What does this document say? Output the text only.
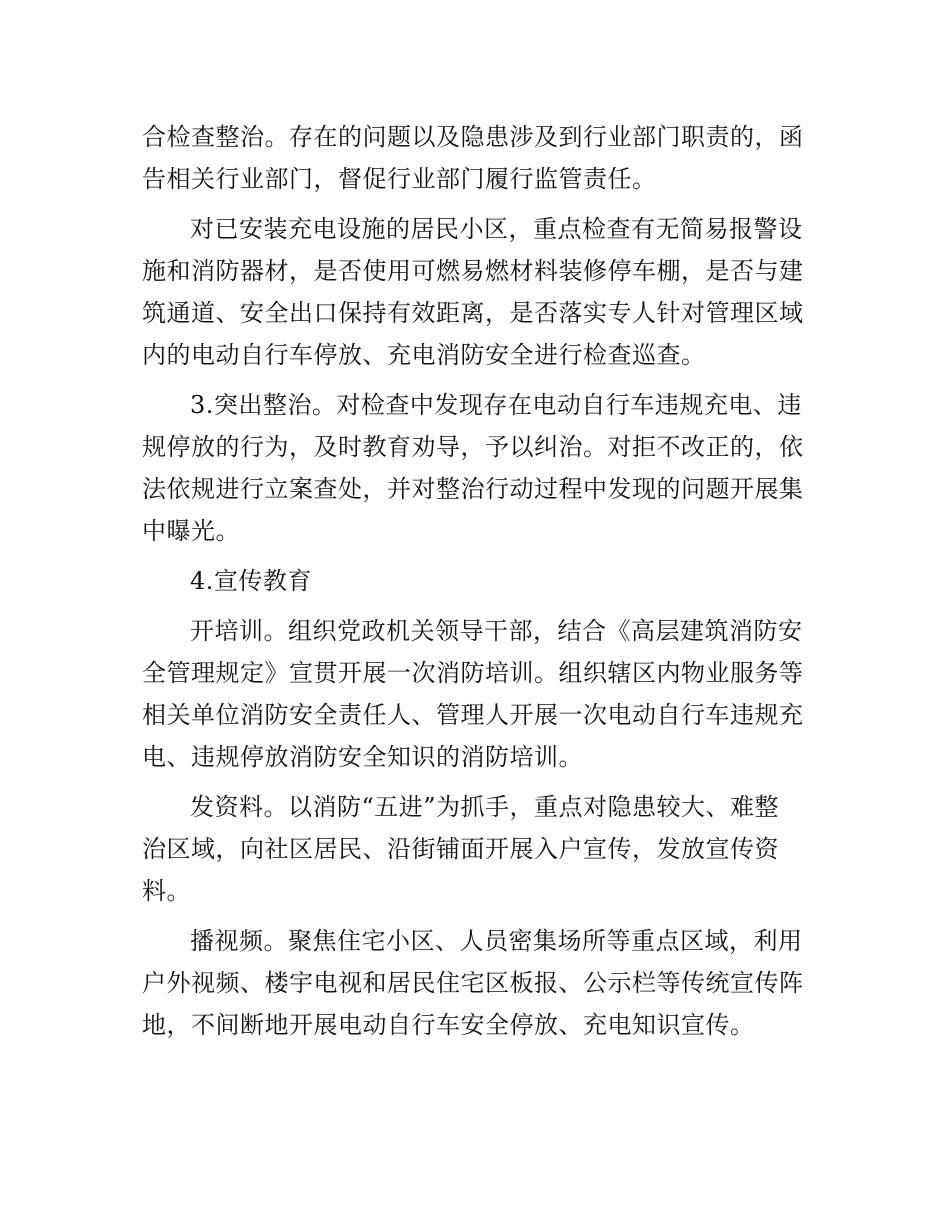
合检查整治。存在的问题以及隐患涉及到行业部门职责的，函
告相关行业部门，督促行业部门履行监管责任。
对已安装充电设施的居民小区，重点检查有无简易报警设
施和消防器材，是否使用可燃易燃材料装修停车棚，是否与建
筑通道、安全出口保持有效距离，是否落实专人针对管理区域
内的电动自行车停放、充电消防安全进行检查巡查。
3.突出整治。对检查中发现存在电动自行车违规充电、违
规停放的行为，及时教育劝导，予以纠治。对拒不改正的，依
法依规进行立案查处，并对整治行动过程中发现的问题开展集
中曝光。
4.宣传教育
开培训。组织党政机关领导干部，结合《高层建筑消防安
全管理规定》宣贯开展一次消防培训。组织辖区内物业服务等
相关单位消防安全责任人、管理人开展一次电动自行车违规充
电、违规停放消防安全知识的消防培训。
发资料。以消防“五进”为抓手，重点对隐患较大、难整
治区域，向社区居民、沿街铺面开展入户宣传，发放宣传资
料。
播视频。聚焦住宅小区、人员密集场所等重点区域，利用
户外视频、楼宇电视和居民住宅区板报、公示栏等传统宣传阵
地，不间断地开展电动自行车安全停放、充电知识宣传。
